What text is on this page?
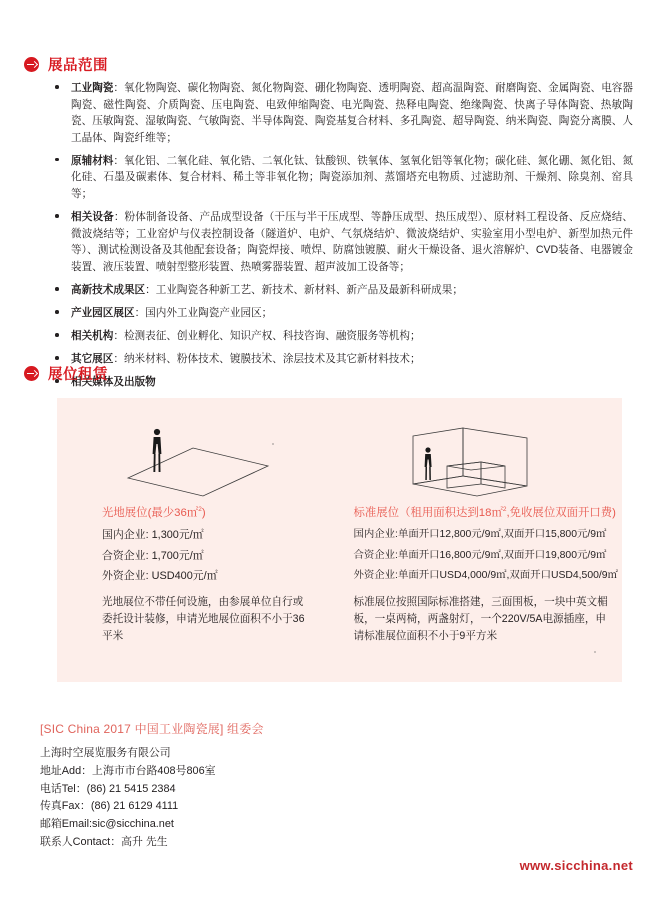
展品范围
工业陶瓷：氧化物陶瓷、碳化物陶瓷、氮化物陶瓷、硼化物陶瓷、透明陶瓷、超高温陶瓷、耐磨陶瓷、金属陶瓷、电容器陶瓷、磁性陶瓷、介质陶瓷、压电陶瓷、电致伸缩陶瓷、电光陶瓷、热释电陶瓷、绝缘陶瓷、快离子导体陶瓷、热敏陶瓷、压敏陶瓷、湿敏陶瓷、气敏陶瓷、半导体陶瓷、陶瓷基复合材料、多孔陶瓷、超导陶瓷、纳米陶瓷、陶瓷分离膜、人工晶体、陶瓷纤维等；
原辅材料：氧化铝、二氧化硅、氧化锆、二氧化钛、钛酸钡、铁氧体、氢氧化铝等氧化物；碳化硅、氮化硼、氮化铝、氮化硅、石墨及碳素体、复合材料、稀土等非氧化物；陶瓷添加剂、蒸馏塔充电物质、过滤助剂、干燥剂、除臭剂、窑具等；
相关设备：粉体制备设备、产品成型设备（干压与半干压成型、等静压成型、热压成型）、原材料工程设备、反应烧结、微波烧结等；工业窑炉与仪表控制设备（隧道炉、电炉、气氛烧结炉、微波烧结炉、实验室用小型电炉、新型加热元件等）、测试检测设备及其他配套设备；陶瓷焊接、喷焊、防腐蚀镀膜、耐火干燥设备、退火溶解炉、CVD装备、电器镀金装置、液压装置、喷射型整形装置、热喷雾器装置、超声波加工设备等；
高新技术成果区：工业陶瓷各种新工艺、新技术、新材料、新产品及最新科研成果；
产业园区展区：国内外工业陶瓷产业园区；
相关机构：检测表征、创业孵化、知识产权、科技咨询、融资服务等机构；
其它展区：纳米材料、粉体技术、镀膜技术、涂层技术及其它新材料技术；
相关媒体及出版物
展位租赁
光地展位(最少36㎡$^2$)
国内企业: 1,300元/㎡
合资企业: 1,700元/㎡
外资企业: USD400元/㎡
光地展位不带任何设施，由参展单位自行或委托设计装修，申请光地展位面积不小于36平米
标准展位（租用面积达到18㎡$^2$,免收展位双面开口费)
国内企业:单面开口12,800元/9㎡,双面开口15,800元/9㎡
合资企业:单面开口16,800元/9㎡,双面开口19,800元/9㎡
外资企业:单面开口USD4,000/9㎡,双面开口USD4,500/9㎡
标准展位按照国际标准搭建，三面围板，一块中英文楣板，一桌两椅，两盏射灯，一个220V/5A电源插座，申请标准展位面积不小于9平方米
[SIC China 2017 中国工业陶瓷展] 组委会
上海时空展览服务有限公司
地址Add：上海市市台路408号806室
电话Tel：(86) 21 5415 2384
传真Fax：(86) 21 6129 4111
邮箱Email:sic@sicchina.net
联系人Contact：高升 先生
www.sicchina.net
